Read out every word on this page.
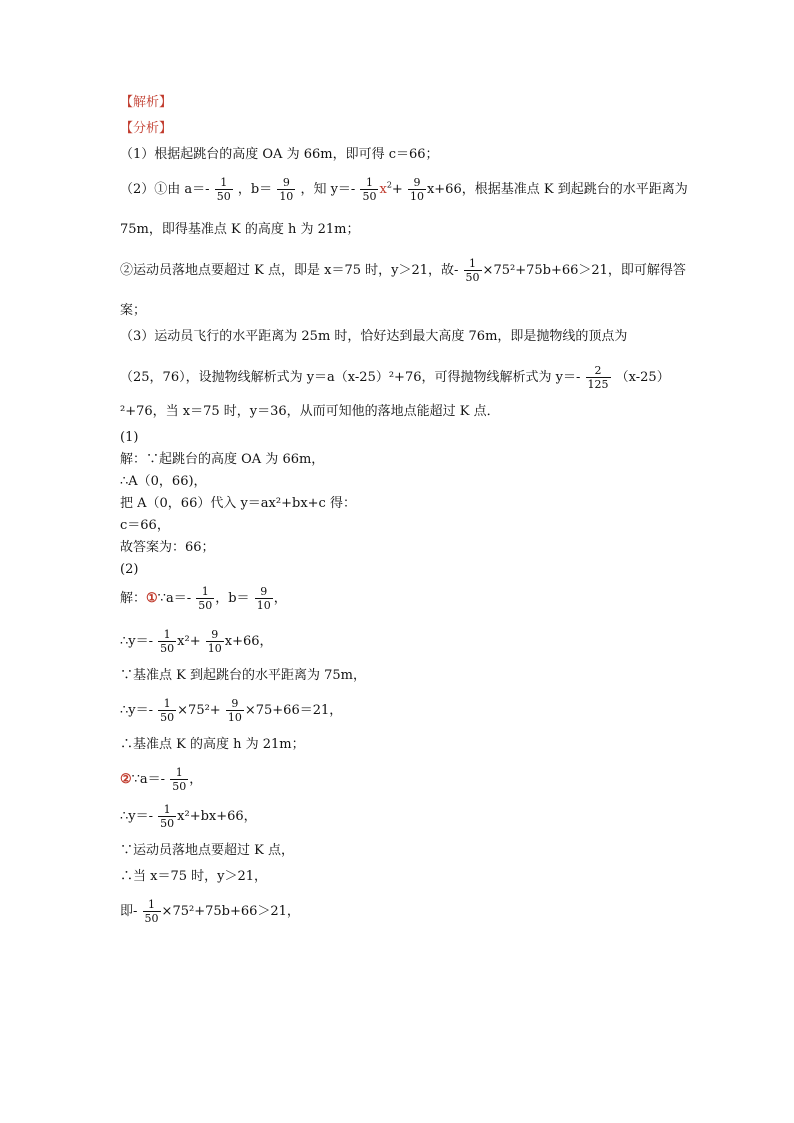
【解析】
【分析】
（1）根据起跳台的高度 OA 为 66m，即可得 c＝66；
（2）①由 $a=- \frac{1}{50}$ ，$b= \frac{9}{10}$ ，知 $y=- \frac{1}{50} x^2+ \frac{9}{10} x+66$，根据基准点 K 到起跳台的水平距离为
75m，即得基准点 K 的高度 h 为 21m；
②运动员落地点要超过 K 点，即是 x＝75 时，y＞21，故- $\frac{1}{50} \times 75^2+75b+66>21$，即可解得答
案；
（3）运动员飞行的水平距离为 25m 时，恰好达到最大高度 76m，即是抛物线的顶点为
（25，76），设抛物线解析式为 y＝a（x-25）²+76，可得抛物线解析式为 $y=- \frac{2}{125} (x-25)$
²+76，当 x＝75 时，y＝36，从而可知他的落地点能超过 K 点．
(1)
解：∵起跳台的高度 OA 为 66m，
∴A（0，66)，
把 A（0，66）代入 y＝ax²+bx+c 得：
c＝66，
故答案为：66；
(2)
解：①∵a＝- $\frac{1}{50}$ ，$b= \frac{9}{10}$ ，
∴y＝- $\frac{1}{50} x^2+ \frac{9}{10} x+66$，
∵基准点 K 到起跳台的水平距离为 75m，
∴y＝- $\frac{1}{50} \times 75^2+ \frac{9}{10} \times 75+66=21$，
∴基准点 K 的高度 h 为 21m；
②∵a＝- $\frac{1}{50}$ ，
∴y＝- $\frac{1}{50} x^2+bx+66$，
∵运动员落地点要超过 K 点，
∴当 x＝75 时，y＞21，
即- $\frac{1}{50} \times 75^2+75b+66>21$，
